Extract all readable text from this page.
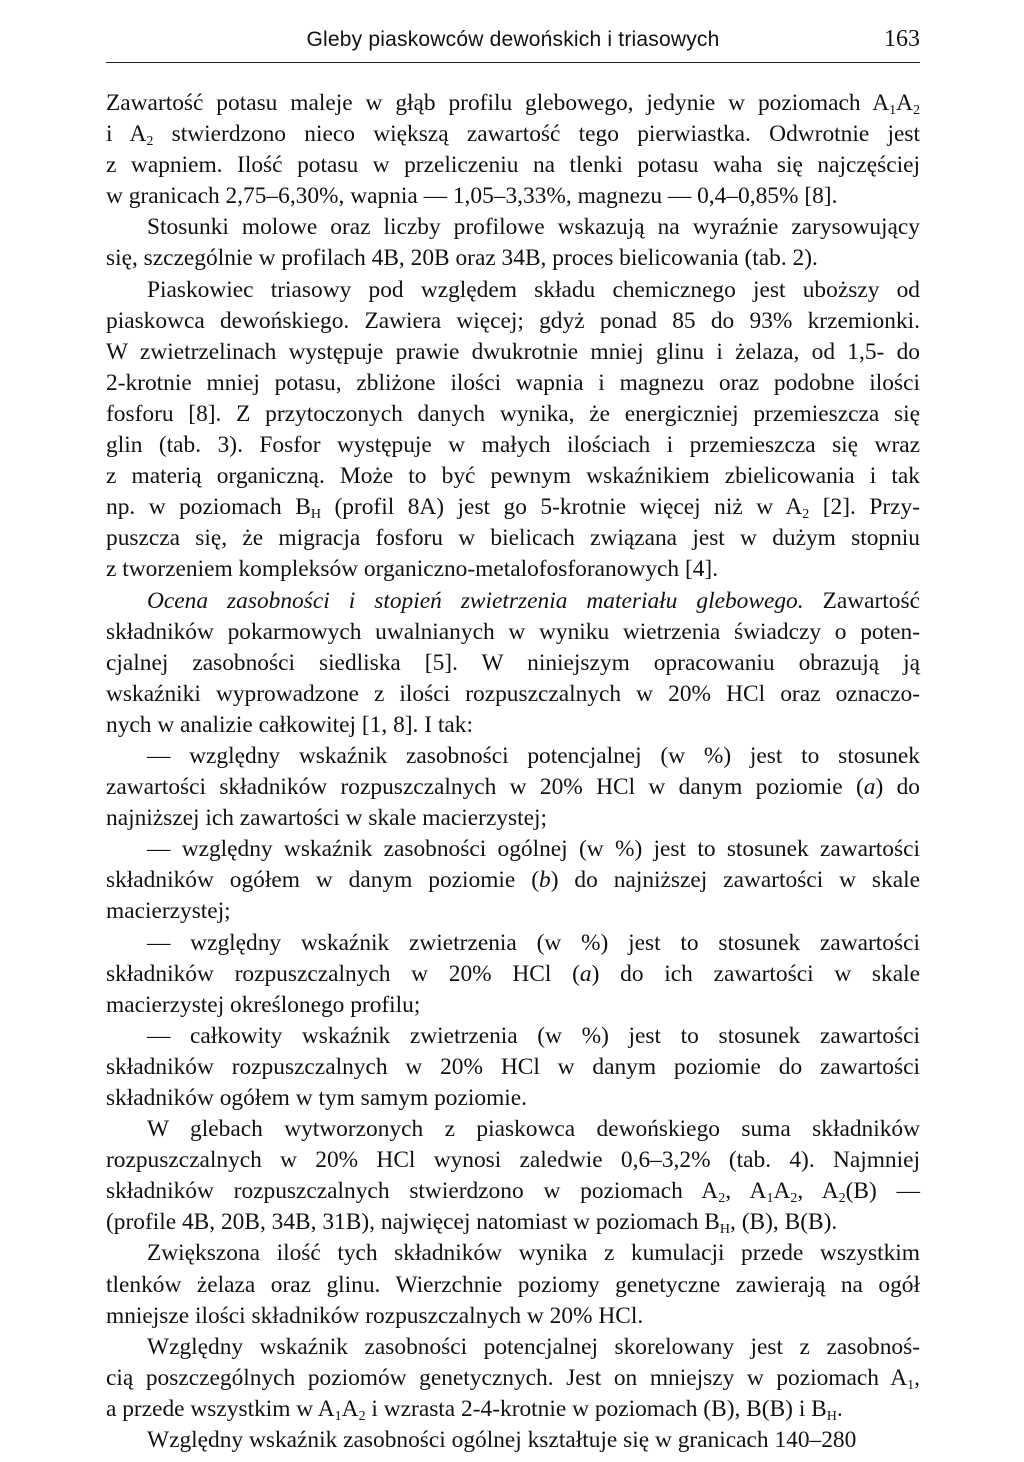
Gleby piaskowców dewońskich i triasowych	163

Zawartość potasu maleje w głąb profilu glebowego, jedynie w poziomach $A_1A_2$

i $A_2$ stwierdzono nieco większą zawartość tego pierwiastka. Odwrotnie jest

z wapniem. Ilość potasu w przeliczeniu na tlenki potasu waha się najczęściej

w granicach 2,75–6,30%, wapnia — 1,05–3,33%, magnezu — 0,4–0,85% [8].

Stosunki molowe oraz liczby profilowe wskazują na wyraźnie zarysowujący

się, szczególnie w profilach 4B, 20B oraz 34B, proces bielicowania (tab. 2).

Piaskowiec triasowy pod względem składu chemicznego jest uboższy od

piaskowca dewońskiego. Zawiera więcej; gdyż ponad 85 do 93% krzemionki.

W zwietrzelinach występuje prawie dwukrotnie mniej glinu i żelaza, od 1,5- do

2-krotnie mniej potasu, zbliżone ilości wapnia i magnezu oraz podobne ilości

fosforu [8]. Z przytoczonych danych wynika, że energiczniej przemieszcza się

glin (tab. 3). Fosfor występuje w małych ilościach i przemieszcza się wraz

z materią organiczną. Może to być pewnym wskaźnikiem zbielicowania i tak

np. w poziomach $B_H$ (profil 8A) jest go 5-krotnie więcej niż w $A_2$ [2]. Przy-

puszcza się, że migracja fosforu w bielicach związana jest w dużym stopniu

z tworzeniem kompleksów organiczno-metalofosforanowych [4].

Ocena zasobności i stopień zwietrzenia materiału glebowego. Zawartość

składników pokarmowych uwalnianych w wyniku wietrzenia świadczy o poten-

cjalnej zasobności siedliska [5]. W niniejszym opracowaniu obrazują ją

wskaźniki wyprowadzone z ilości rozpuszczalnych w 20% HCl oraz oznaczo-

nych w analizie całkowitej [1, 8]. I tak:

— względny wskaźnik zasobności potencjalnej (w %) jest to stosunek

zawartości składników rozpuszczalnych w 20% HCl w danym poziomie (a) do

najniższej ich zawartości w skale macierzystej;

— względny wskaźnik zasobności ogólnej (w %) jest to stosunek zawartości

składników ogółem w danym poziomie (b) do najniższej zawartości w skale

macierzystej;

— względny wskaźnik zwietrzenia (w %) jest to stosunek zawartości

składników rozpuszczalnych w 20% HCl (a) do ich zawartości w skale

macierzystej określonego profilu;

— całkowity wskaźnik zwietrzenia (w %) jest to stosunek zawartości

składników rozpuszczalnych w 20% HCl w danym poziomie do zawartości

składników ogółem w tym samym poziomie.

W glebach wytworzonych z piaskowca dewońskiego suma składników

rozpuszczalnych w 20% HCl wynosi zaledwie 0,6–3,2% (tab. 4). Najmniej

składników rozpuszczalnych stwierdzono w poziomach $A_2$, $A_1A_2$, $A_2(B)$ —

(profile 4B, 20B, 34B, 31B), najwięcej natomiast w poziomach $B_H$, (B), B(B).

Zwiększona ilość tych składników wynika z kumulacji przede wszystkim

tlenków żelaza oraz glinu. Wierzchnie poziomy genetyczne zawierają na ogół

mniejsze ilości składników rozpuszczalnych w 20% HCl.

Względny wskaźnik zasobności potencjalnej skorelowany jest z zasobnoś-

cią poszczególnych poziomów genetycznych. Jest on mniejszy w poziomach $A_1$,

a przede wszystkim w $A_1A_2$ i wzrasta 2-4-krotnie w poziomach (B), B(B) i $B_H$.

Względny wskaźnik zasobności ogólnej kształtuje się w granicach 140–280
